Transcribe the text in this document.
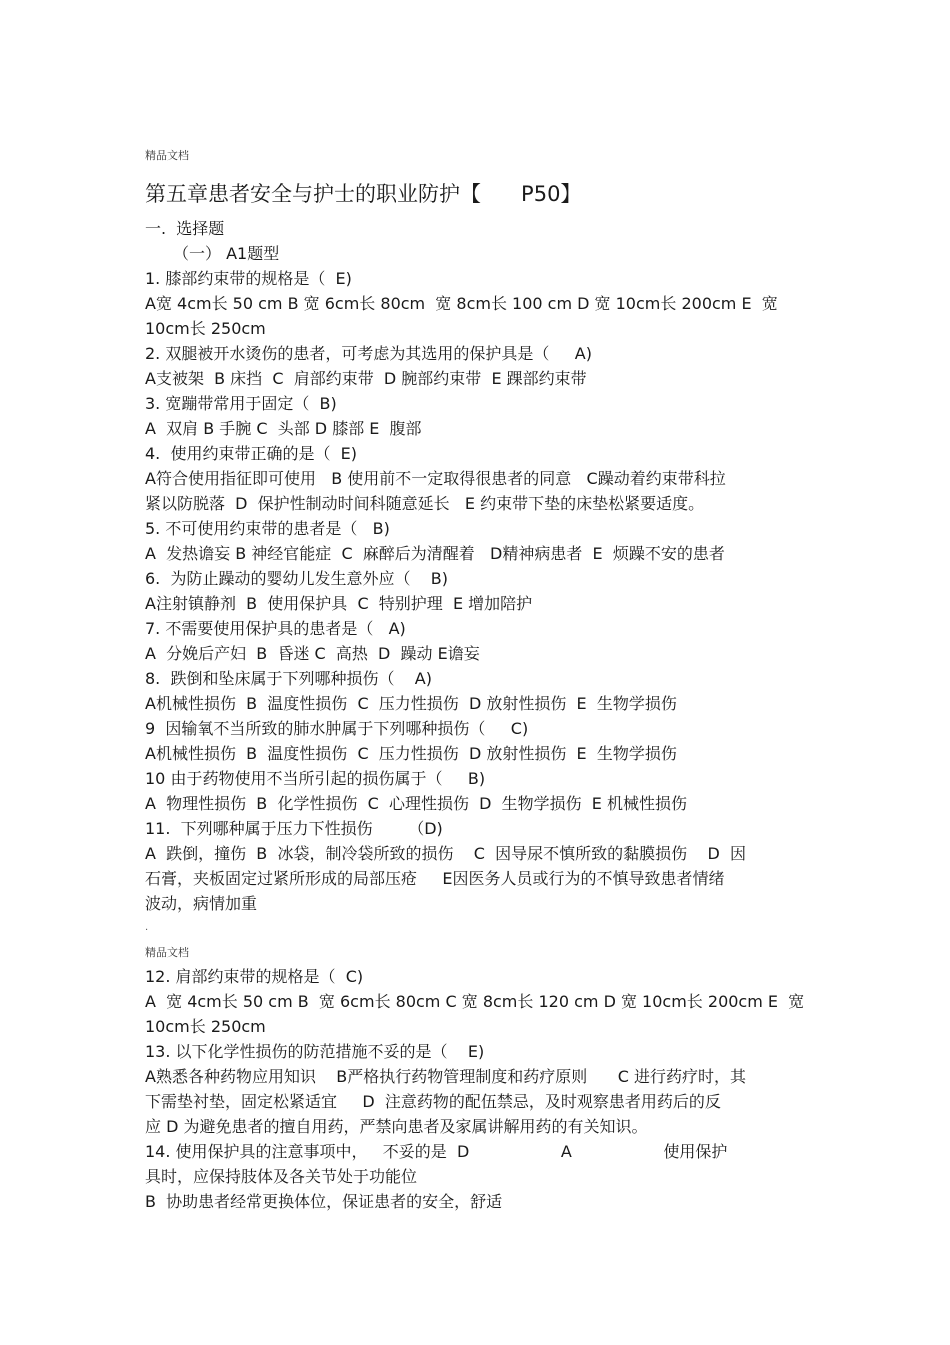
精品文档
第五章患者安全与护士的职业防护【      P50】
一.  选择题
（一） A1题型
1. 膝部约束带的规格是（  E)
A宽 4cm长 50 cm B 宽 6cm长 80cm  宽 8cm长 100 cm D 宽 10cm长 200cm E  宽
10cm长 250cm
2. 双腿被开水烫伤的患者，可考虑为其选用的保护具是（     A)
A支被架  B 床挡  C  肩部约束带  D 腕部约束带  E 踝部约束带
3. 宽蹦带常用于固定（  B)
A  双肩 B 手腕 C  头部 D 膝部 E  腹部
4.  使用约束带正确的是（  E)
A符合使用指征即可使用   B 使用前不一定取得很患者的同意   C躁动着约束带科拉
紧以防脱落  D  保护性制动时间科随意延长   E 约束带下垫的床垫松紧要适度。
5. 不可使用约束带的患者是（   B)
A  发热谵妄 B 神经官能症  C  麻醉后为清醒着   D精神病患者  E  烦躁不安的患者
6.  为防止躁动的婴幼儿发生意外应（    B)
A注射镇静剂  B  使用保护具  C  特别护理  E 增加陪护
7. 不需要使用保护具的患者是（   A)
A  分娩后产妇  B  昏迷 C  高热  D  躁动 E谵妄
8.  跌倒和坠床属于下列哪种损伤（    A)
A机械性损伤  B  温度性损伤  C  压力性损伤  D 放射性损伤  E  生物学损伤
9  因输氧不当所致的肺水肿属于下列哪种损伤（     C)
A机械性损伤  B  温度性损伤  C  压力性损伤  D 放射性损伤  E  生物学损伤
10 由于药物使用不当所引起的损伤属于（     B)
A  物理性损伤  B  化学性损伤  C  心理性损伤  D  生物学损伤  E 机械性损伤
11.  下列哪种属于压力下性损伤       （D)
A  跌倒，撞伤  B  冰袋，制冷袋所致的损伤    C  因导尿不慎所致的黏膜损伤    D  因
石膏，夹板固定过紧所形成的局部压疮     E因医务人员或行为的不慎导致患者情绪
波动，病情加重
.
精品文档
12. 肩部约束带的规格是（  C)
A  宽 4cm长 50 cm B  宽 6cm长 80cm C 宽 8cm长 120 cm D 宽 10cm长 200cm E  宽
10cm长 250cm
13. 以下化学性损伤的防范措施不妥的是（    E)
A熟悉各种药物应用知识    B严格执行药物管理制度和药疗原则      C 进行药疗时，其
下需垫衬垫，固定松紧适宜     D  注意药物的配伍禁忌，及时观察患者用药后的反
应 D 为避免患者的擅自用药，严禁向患者及家属讲解用药的有关知识。
14. 使用保护具的注意事项中，   不妥的是  D                  A                  使用保护
具时，应保持肢体及各关节处于功能位
B  协助患者经常更换体位，保证患者的安全，舒适
